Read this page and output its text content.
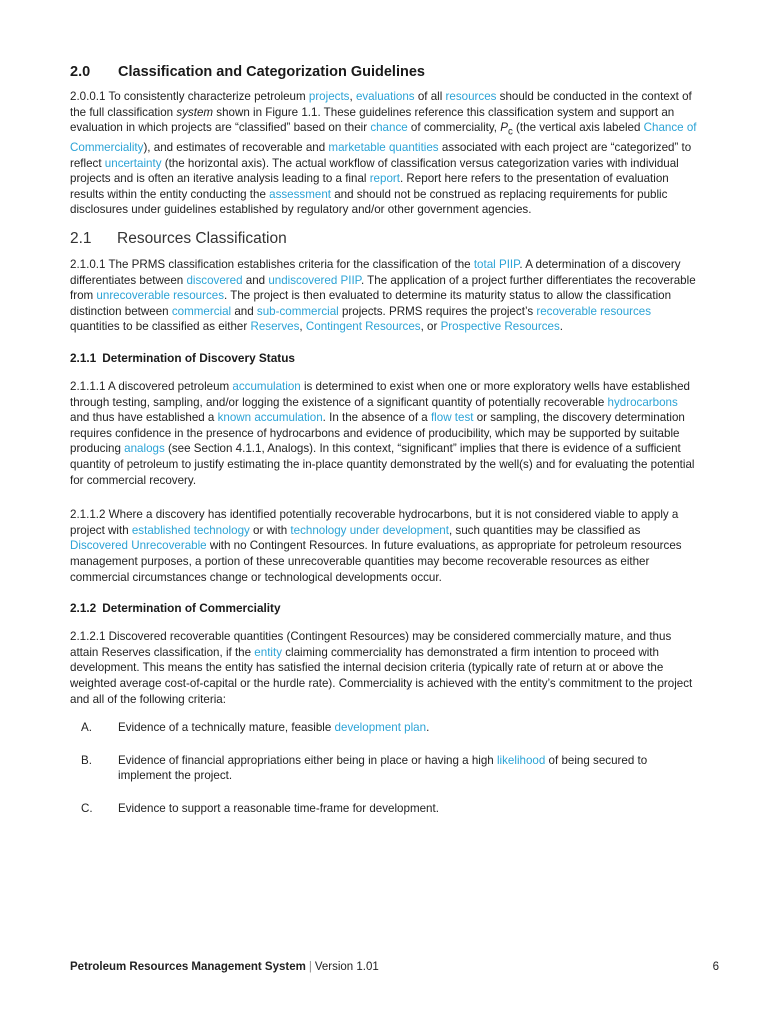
2.0 Classification and Categorization Guidelines

2.0.0.1 To consistently characterize petroleum projects, evaluations of all resources should be conducted in the context of the full classification system shown in Figure 1.1. These guidelines reference this classification system and support an evaluation in which projects are “classified” based on their chance of commerciality, $P_c$ (the vertical axis labeled Chance of Commerciality), and estimates of recoverable and marketable quantities associated with each project are “categorized” to reflect uncertainty (the horizontal axis). The actual workflow of classification versus categorization varies with individual projects and is often an iterative analysis leading to a final report. Report here refers to the presentation of evaluation results within the entity conducting the assessment and should not be construed as replacing requirements for public disclosures under guidelines established by regulatory and/or other government agencies.

2.1 Resources Classification

2.1.0.1 The PRMS classification establishes criteria for the classification of the total PIIP. A determination of a discovery differentiates between discovered and undiscovered PIIP. The application of a project further differentiates the recoverable from unrecoverable resources. The project is then evaluated to determine its maturity status to allow the classification distinction between commercial and sub-commercial projects. PRMS requires the project’s recoverable resources quantities to be classified as either Reserves, Contingent Resources, or Prospective Resources.

2.1.1 Determination of Discovery Status

2.1.1.1 A discovered petroleum accumulation is determined to exist when one or more exploratory wells have established through testing, sampling, and/or logging the existence of a significant quantity of potentially recoverable hydrocarbons and thus have established a known accumulation. In the absence of a flow test or sampling, the discovery determination requires confidence in the presence of hydrocarbons and evidence of producibility, which may be supported by suitable producing analogs (see Section 4.1.1, Analogs). In this context, “significant” implies that there is evidence of a sufficient quantity of petroleum to justify estimating the in-place quantity demonstrated by the well(s) and for evaluating the potential for commercial recovery.

2.1.1.2 Where a discovery has identified potentially recoverable hydrocarbons, but it is not considered viable to apply a project with established technology or with technology under development, such quantities may be classified as Discovered Unrecoverable with no Contingent Resources. In future evaluations, as appropriate for petroleum resources management purposes, a portion of these unrecoverable quantities may become recoverable resources as either commercial circumstances change or technological developments occur.

2.1.2 Determination of Commerciality

2.1.2.1 Discovered recoverable quantities (Contingent Resources) may be considered commercially mature, and thus attain Reserves classification, if the entity claiming commerciality has demonstrated a firm intention to proceed with development. This means the entity has satisfied the internal decision criteria (typically rate of return at or above the weighted average cost-of-capital or the hurdle rate). Commerciality is achieved with the entity’s commitment to the project and all of the following criteria:

A.	Evidence of a technically mature, feasible development plan.

B.	Evidence of financial appropriations either being in place or having a high likelihood of being secured to implement the project.

C.	Evidence to support a reasonable time-frame for development.

Petroleum Resources Management System | Version 1.01	6
